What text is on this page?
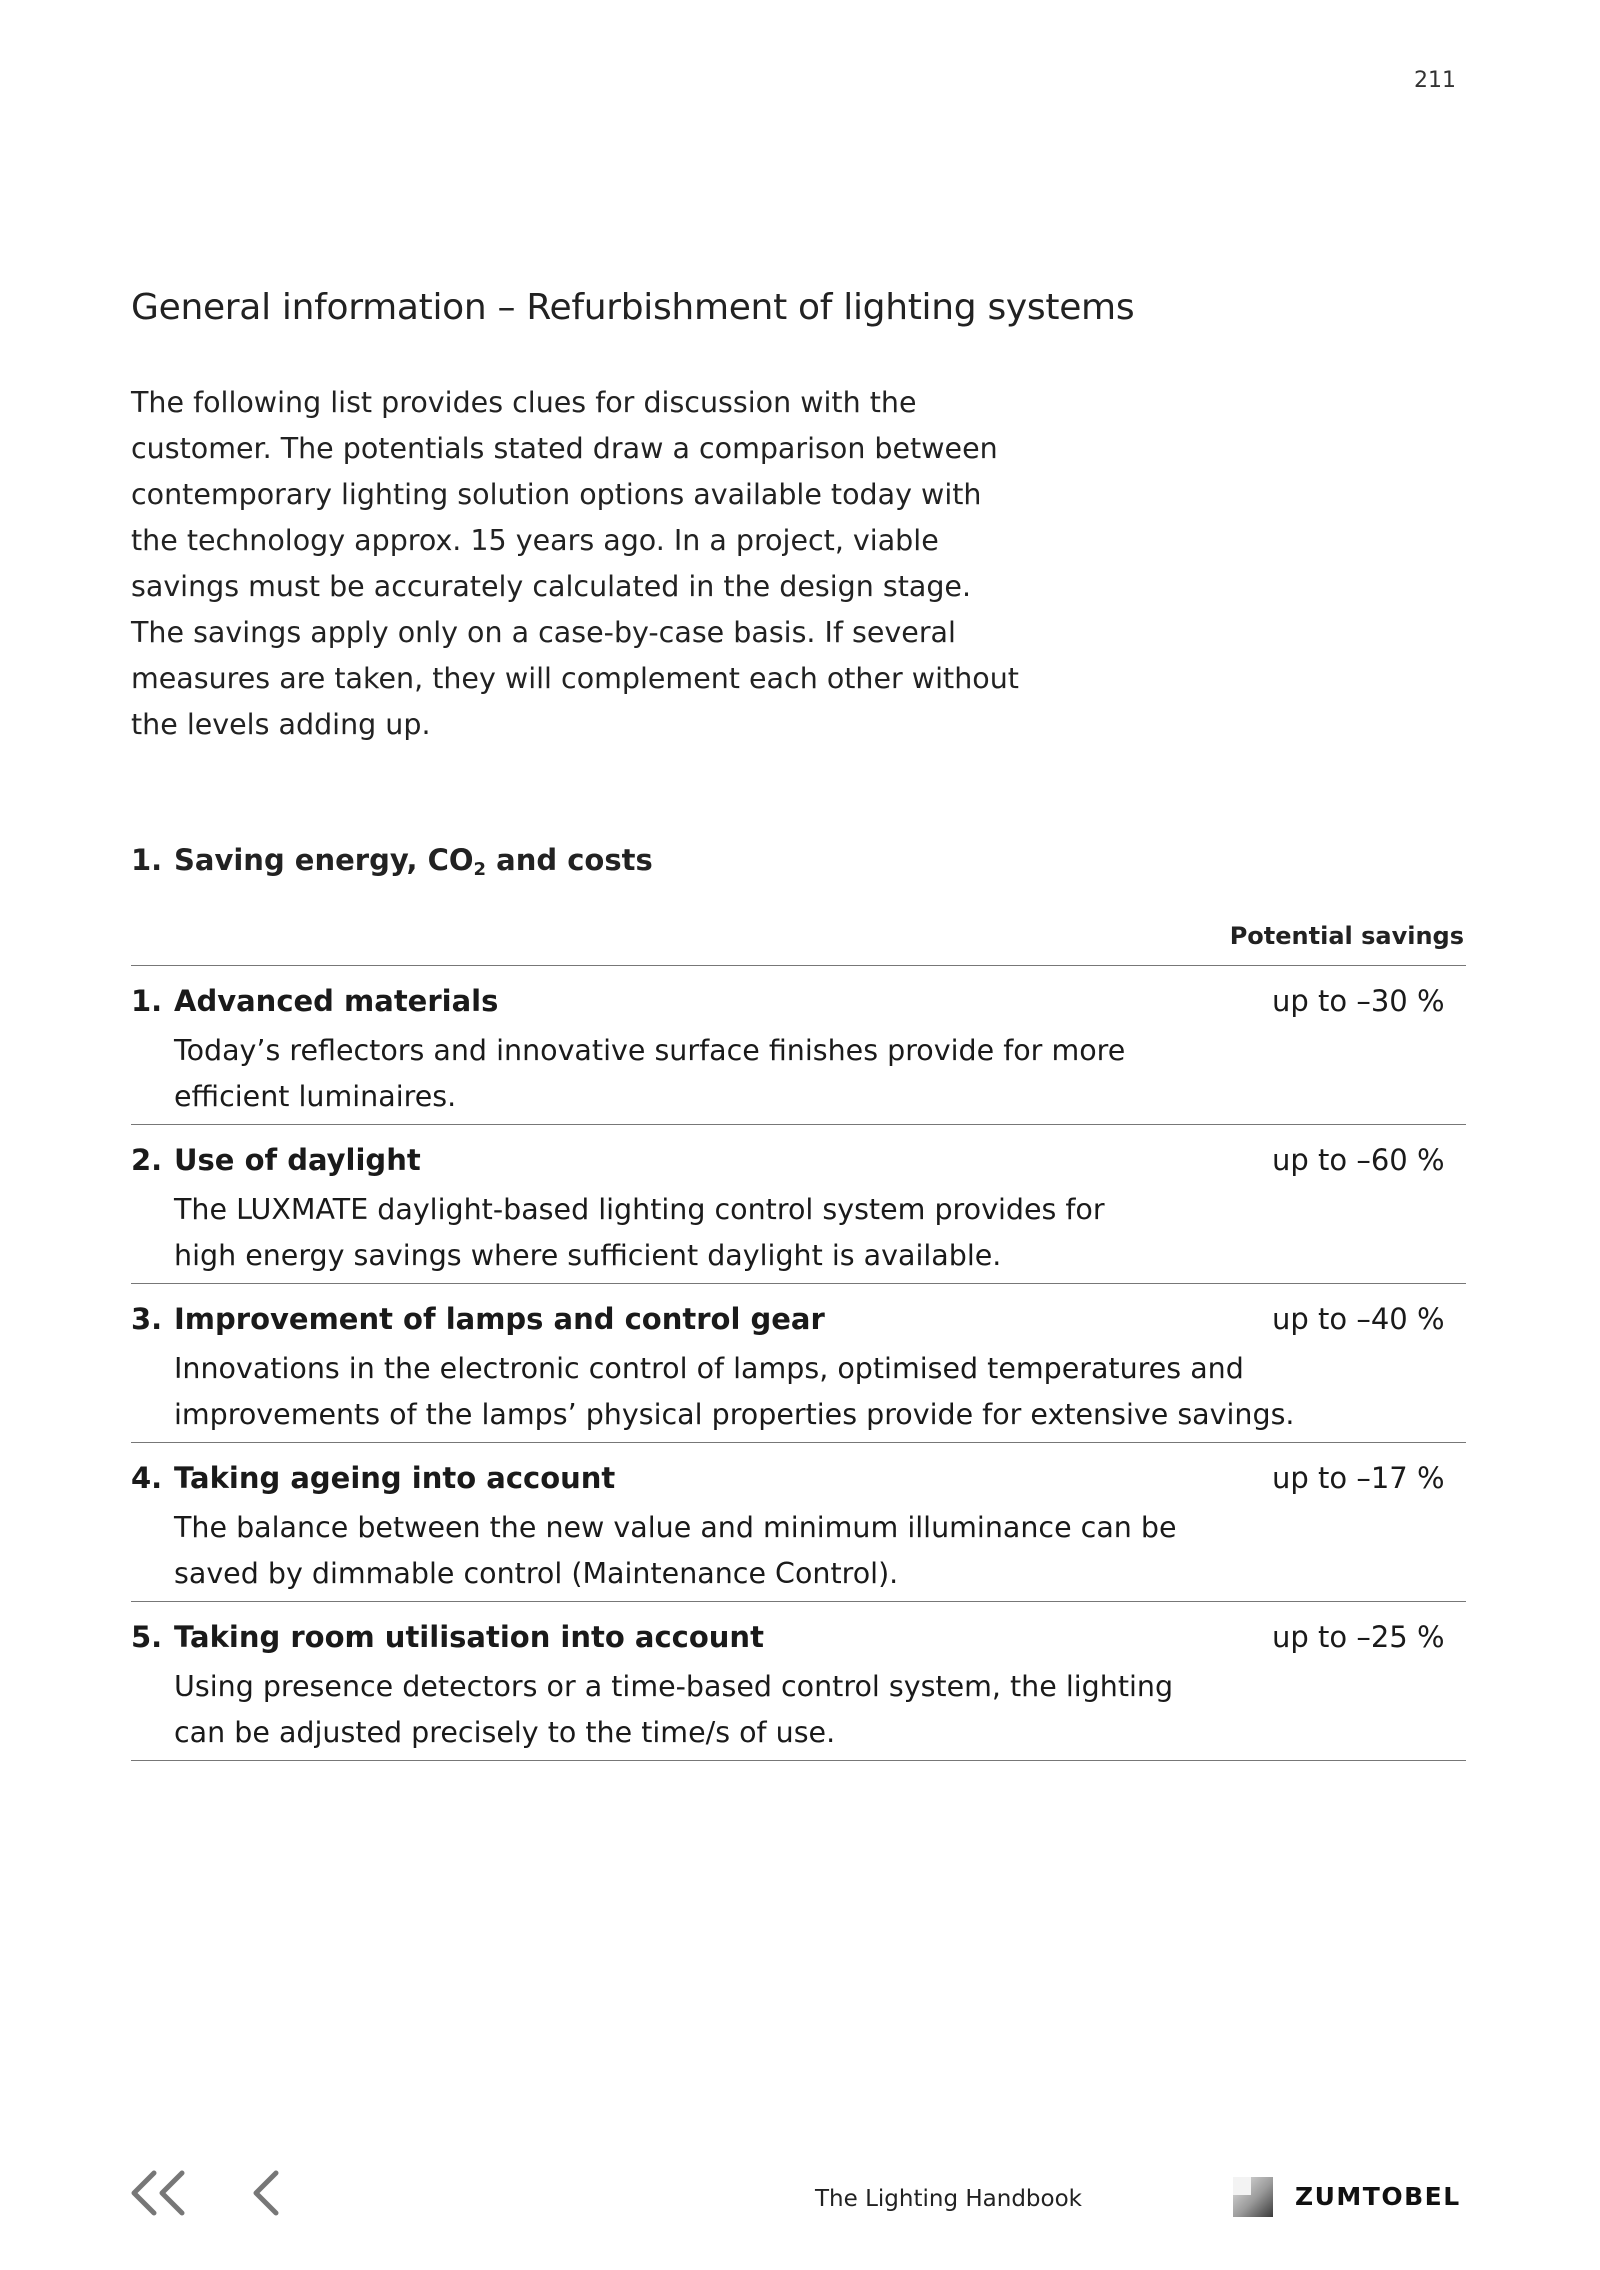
211
General information – Refurbishment of lighting systems

The following list provides clues for discussion with the
customer. The potentials stated draw a comparison between
contemporary lighting solution options available today with
the technology approx. 15 years ago. In a project, viable
savings must be accurately calculated in the design stage.
The savings apply only on a case-by-case basis. If several
measures are taken, they will complement each other without
the levels adding up.

1. Saving energy, $CO_2$ and costs
Potential savings
1. Advanced materials
Today’s reflectors and innovative surface finishes provide for more
efficient luminaires.
up to –30 %
2. Use of daylight
The LUXMATE daylight-based lighting control system provides for
high energy savings where sufficient daylight is available.
up to –60 %
3. Improvement of lamps and control gear
Innovations in the electronic control of lamps, optimised temperatures and
improvements of the lamps’ physical properties provide for extensive savings.
up to –40 %
4. Taking ageing into account
The balance between the new value and minimum illuminance can be
saved by dimmable control (Maintenance Control).
up to –17 %
5. Taking room utilisation into account
Using presence detectors or a time-based control system, the lighting
can be adjusted precisely to the time/s of use.
up to –25 %
The Lighting Handbook	ZUMTOBEL
